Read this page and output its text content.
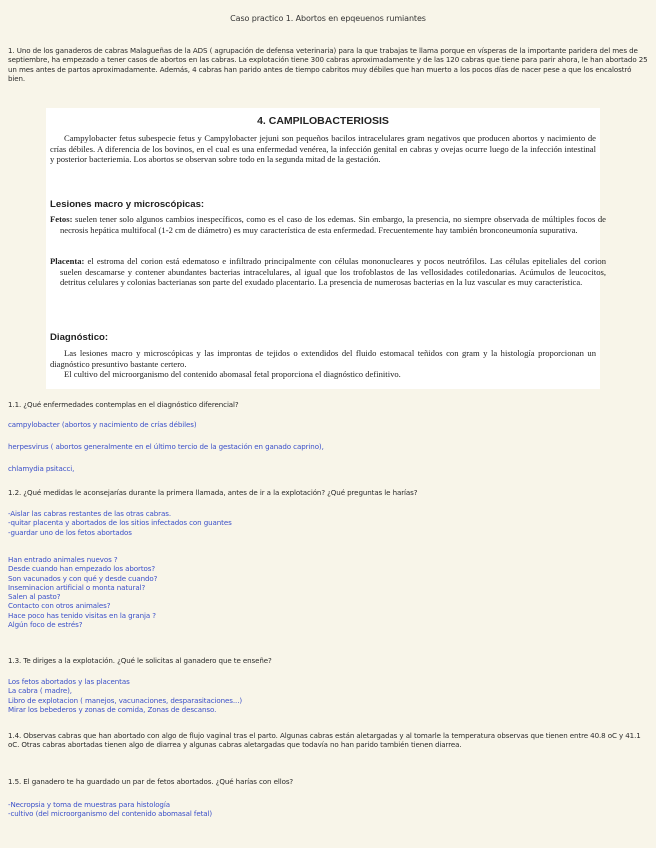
Caso practico 1. Abortos en epqeuenos rumiantes
1. Uno de los ganaderos de cabras Malagueñas de la ADS ( agrupación de defensa veterinaria) para la que trabajas te llama porque en vísperas de la importante paridera del mes de septiembre, ha empezado a tener casos de abortos en las cabras. La explotación tiene 300 cabras aproximadamente y de las 120 cabras que tiene para parir ahora, le han abortado 25 un mes antes de partos aproximadamente. Además, 4 cabras han parido antes de tiempo cabritos muy débiles que han muerto a los pocos días de nacer pese a que los encalostró bien.
4. CAMPILOBACTERIOSIS
Campylobacter fetus subespecie fetus y Campylobacter jejuni son pequeños bacilos intracelulares gram negativos que producen abortos y nacimiento de crías débiles. A diferencia de los bovinos, en el cual es una enfermedad venérea, la infección genital en cabras y ovejas ocurre luego de la infección intestinal y posterior bacteriemia. Los abortos se observan sobre todo en la segunda mitad de la gestación.
Lesiones macro y microscópicas:
Fetos: suelen tener solo algunos cambios inespecíficos, como es el caso de los edemas. Sin embargo, la presencia, no siempre observada de múltiples focos de necrosis hepática multifocal (1-2 cm de diámetro) es muy característica de esta enfermedad. Frecuentemente hay también bronconeumonía supurativa.
Placenta: el estroma del corion está edematoso e infiltrado principalmente con células mononucleares y pocos neutrófilos. Las células epiteliales del corion suelen descamarse y contener abundantes bacterias intracelulares, al igual que los trofoblastos de las vellosidades cotiledonarias. Acúmulos de leucocitos, detritus celulares y colonias bacterianas son parte del exudado placentario. La presencia de numerosas bacterias en la luz vascular es muy característica.
Diagnóstico:
Las lesiones macro y microscópicas y las improntas de tejidos o extendidos del fluido estomacal teñidos con gram y la histología proporcionan un diagnóstico presuntivo bastante certero.
El cultivo del microorganismo del contenido abomasal fetal proporciona el diagnóstico definitivo.
1.1. ¿Qué enfermedades contemplas en el diagnóstico diferencial?
campylobacter (abortos y nacimiento de crías débiles)
herpesvirus ( abortos generalmente en el último tercio de la gestación en ganado caprino),
chlamydia psitacci,
1.2. ¿Qué medidas le aconsejarías durante la primera llamada, antes de ir a la explotación? ¿Qué preguntas le harías?
-Aislar las cabras restantes de las otras cabras.
-quitar placenta y abortados de los sitios infectados con guantes
-guardar uno de los fetos abortados
Han entrado animales nuevos ?
Desde cuando han empezado los abortos?
Son vacunados y con qué y desde cuando?
Inseminacion artificial o monta natural?
Salen al pasto?
Contacto con otros animales?
Hace poco has tenido visitas en la granja ?
Algún foco de estrés?
1.3. Te diriges a la explotación. ¿Qué le solicitas al ganadero que te enseñe?
Los fetos abortados y las placentas
La cabra ( madre),
Libro de explotacion ( manejos, vacunaciones, desparasitaciones...)
Mirar los bebederos y zonas de comida, Zonas de descanso.
1.4. Observas cabras que han abortado con algo de flujo vaginal tras el parto. Algunas cabras están aletargadas y al tomarle la temperatura observas que tienen entre 40.8 oC y 41.1 oC. Otras cabras abortadas tienen algo de diarrea y algunas cabras aletargadas que todavía no han parido también tienen diarrea.
1.5. El ganadero te ha guardado un par de fetos abortados. ¿Qué harías con ellos?
-Necropsia y toma de muestras para histología
-cultivo (del microorganismo del contenido abomasal fetal)
